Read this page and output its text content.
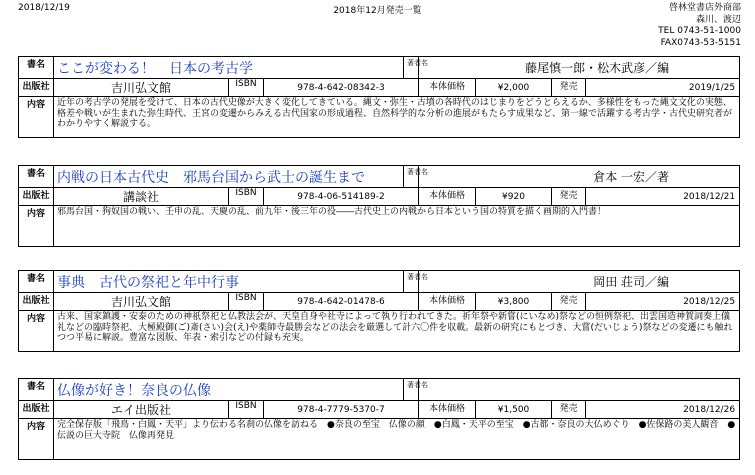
2018/12/19	2018年12月発売一覧	啓林堂書店外商部
森川、渡辺
TEL 0743-51-1000
FAX0743-53-5151
書名	ここが変わる！　日本の考古学			著者名	藤尾慎一郎・松木武彦／編			
出版社	吉川弘文館	ISBN	978-4-642-08342-3		本体価格	¥2,000	発売	2019/1/25
内容	近年の考古学の発展を受けて、日本の古代史像が大きく変化してきている。縄文・弥生・古墳の各時代のはじまりをどうとらえるか、多様性をもった縄文文化の実態、格差や戦いが生まれた弥生時代、王宮の変遷からみえる古代国家の形成過程、自然科学的な分析の進展がもたらす成果など、第一線で活躍する考古学・古代史研究者がわかりやすく解説する。							
書名	内戦の日本古代史　邪馬台国から武士の誕生まで			著者名	倉本 一宏／著			
出版社	講談社	ISBN	978-4-06-514189-2		本体価格	¥920	発売	2018/12/21
内容	邪馬台国・狗奴国の戦い、壬申の乱、天慶の乱、前九年・後三年の役――古代史上の内戦から日本という国の特質を描く画期的入門書！							
書名	事典　古代の祭祀と年中行事			著者名	岡田 荘司／編			
出版社	吉川弘文館	ISBN	978-4-642-01478-6		本体価格	¥3,800	発売	2018/12/25
内容	古来、国家鎮護・安泰のための神祇祭祀と仏教法会が、天皇自身や社寺によって執り行われてきた。祈年祭や新嘗(にいなめ)祭などの恒例祭祀、出雲国造神賀詞奏上儀礼などの臨時祭祀、大極殿御(ご)斎(さい)会(え)や薬師寺最勝会などの法会を厳選して計六〇件を収載。最新の研究にもとづき、大嘗(だいじょう)祭などの変遷にも触れつつ平易に解説。豊富な図版、年表・索引などの付録も充実。							
書名	仏像が好き！奈良の仏像			著者名				
出版社	エイ出版社	ISBN	978-4-7779-5370-7		本体価格	¥1,500	発売	2018/12/26
内容	完全保存版「飛鳥・白鳳・天平」より伝わる名刹の仏像を訪ねる　●奈良の至宝　仏像の顔　●白鳳・天平の至宝　●古都・奈良の大仏めぐり　●佐保路の美人観音　●伝説の巨大寺院　仏像再発見							
